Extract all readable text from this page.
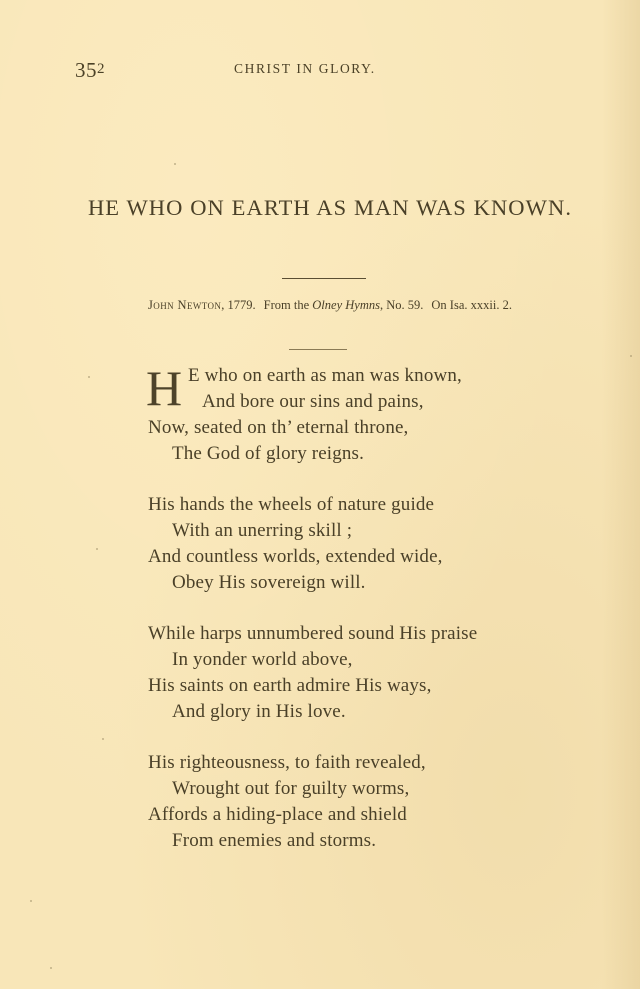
$35^2$	CHRIST IN GLORY.
HE WHO ON EARTH AS MAN WAS KNOWN.
John Newton, 1779. From the Olney Hymns, No. 59. On Isa. xxxii. 2.
H E who on earth as man was known,
And bore our sins and pains,
Now, seated on th’ eternal throne,
The God of glory reigns.
His hands the wheels of nature guide
With an unerring skill ;
And countless worlds, extended wide,
Obey His sovereign will.
While harps unnumbered sound His praise
In yonder world above,
His saints on earth admire His ways,
And glory in His love.
His righteousness, to faith revealed,
Wrought out for guilty worms,
Affords a hiding-place and shield
From enemies and storms.
